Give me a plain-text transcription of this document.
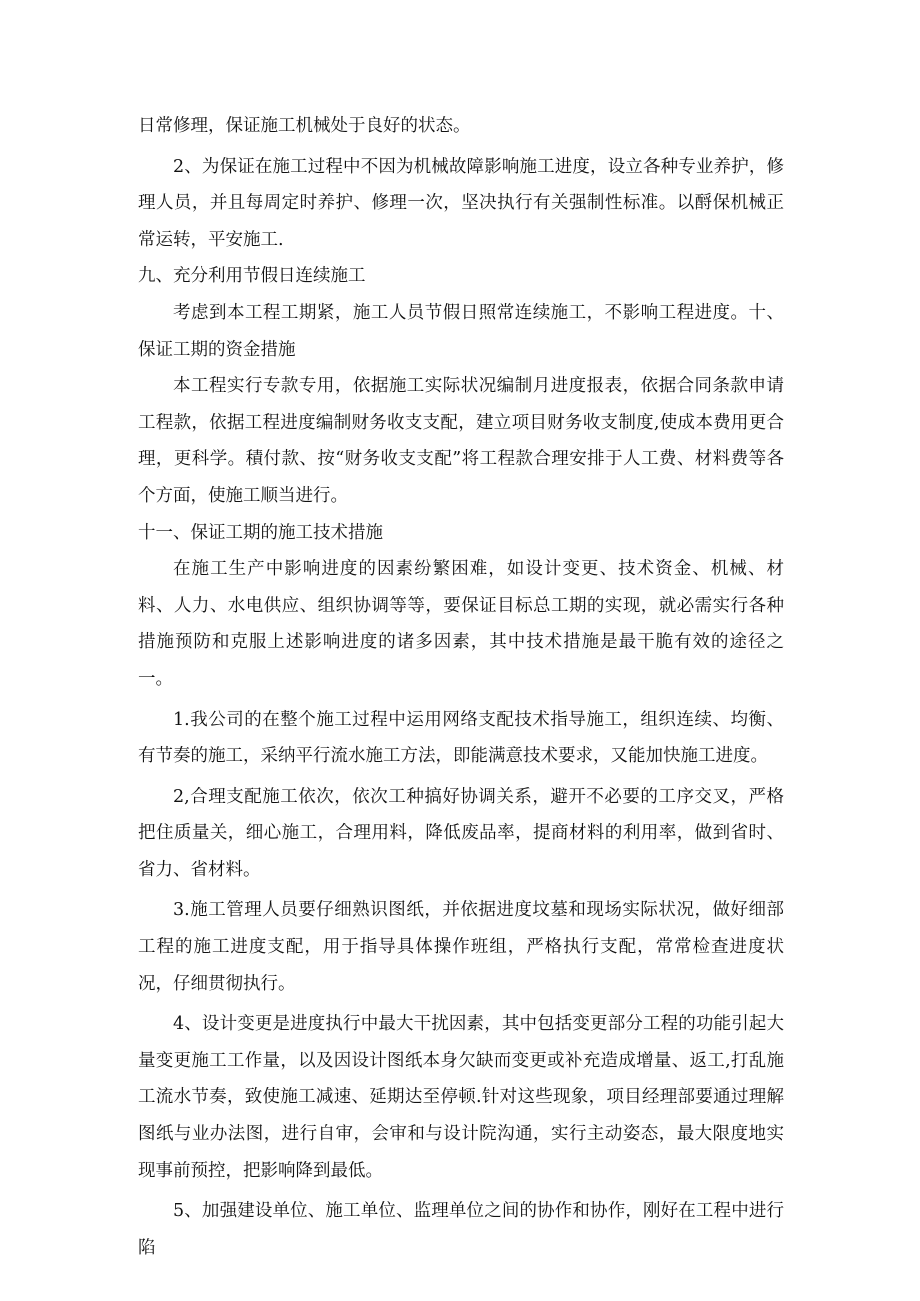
日常修理，保证施工机械处于良好的状态。

2、为保证在施工过程中不因为机械故障影响施工进度，设立各种专业养护，修理人员，并且每周定时养护、修理一次，坚决执行有关强制性标准。以酹保机械正常运转，平安施工.

九、充分利用节假日连续施工

考虑到本工程工期紧，施工人员节假日照常连续施工，不影响工程进度。十、保证工期的资金措施

本工程实行专款专用，依据施工实际状况编制月进度报表，依据合同条款申请工程款，依据工程进度编制财务收支支配，建立项目财务收支制度,使成本费用更合理，更科学。積付款、按“财务收支支配”将工程款合理安排于人工费、材料费等各个方面，使施工顺当进行。

十一、保证工期的施工技术措施

在施工生产中影响进度的因素纷繁困难，如设计变更、技术资金、机械、材料、人力、水电供应、组织协调等等，要保证目标总工期的实现，就必需实行各种措施预防和克服上述影响进度的诸多因素，其中技术措施是最干脆有效的途径之一。

1.我公司的在整个施工过程中运用网络支配技术指导施工，组织连续、均衡、有节奏的施工，采纳平行流水施工方法，即能满意技术要求，又能加快施工进度。

2,合理支配施工依次，依次工种搞好协调关系，避开不必要的工序交叉，严格把住质量关，细心施工，合理用料，降低废品率，提商材料的利用率，做到省时、省力、省材料。

3.施工管理人员要仔细熟识图纸，并依据进度坟墓和现场实际状况，做好细部工程的施工进度支配，用于指导具体操作班组，严格执行支配，常常检查进度状况，仔细贯彻执行。

4、设计变更是进度执行中最大干扰因素，其中包括变更部分工程的功能引起大量变更施工工作量，以及因设计图纸本身欠缺而变更或补充造成增量、返工,打乱施工流水节奏，致使施工减速、延期达至停顿.针对这些现象，项目经理部要通过理解图纸与业办法图，进行自审，会审和与设计院沟通，实行主动姿态，最大限度地实现事前预控，把影响降到最低。

5、加强建设单位、施工单位、监理单位之间的协作和协作，刚好在工程中进行陷
